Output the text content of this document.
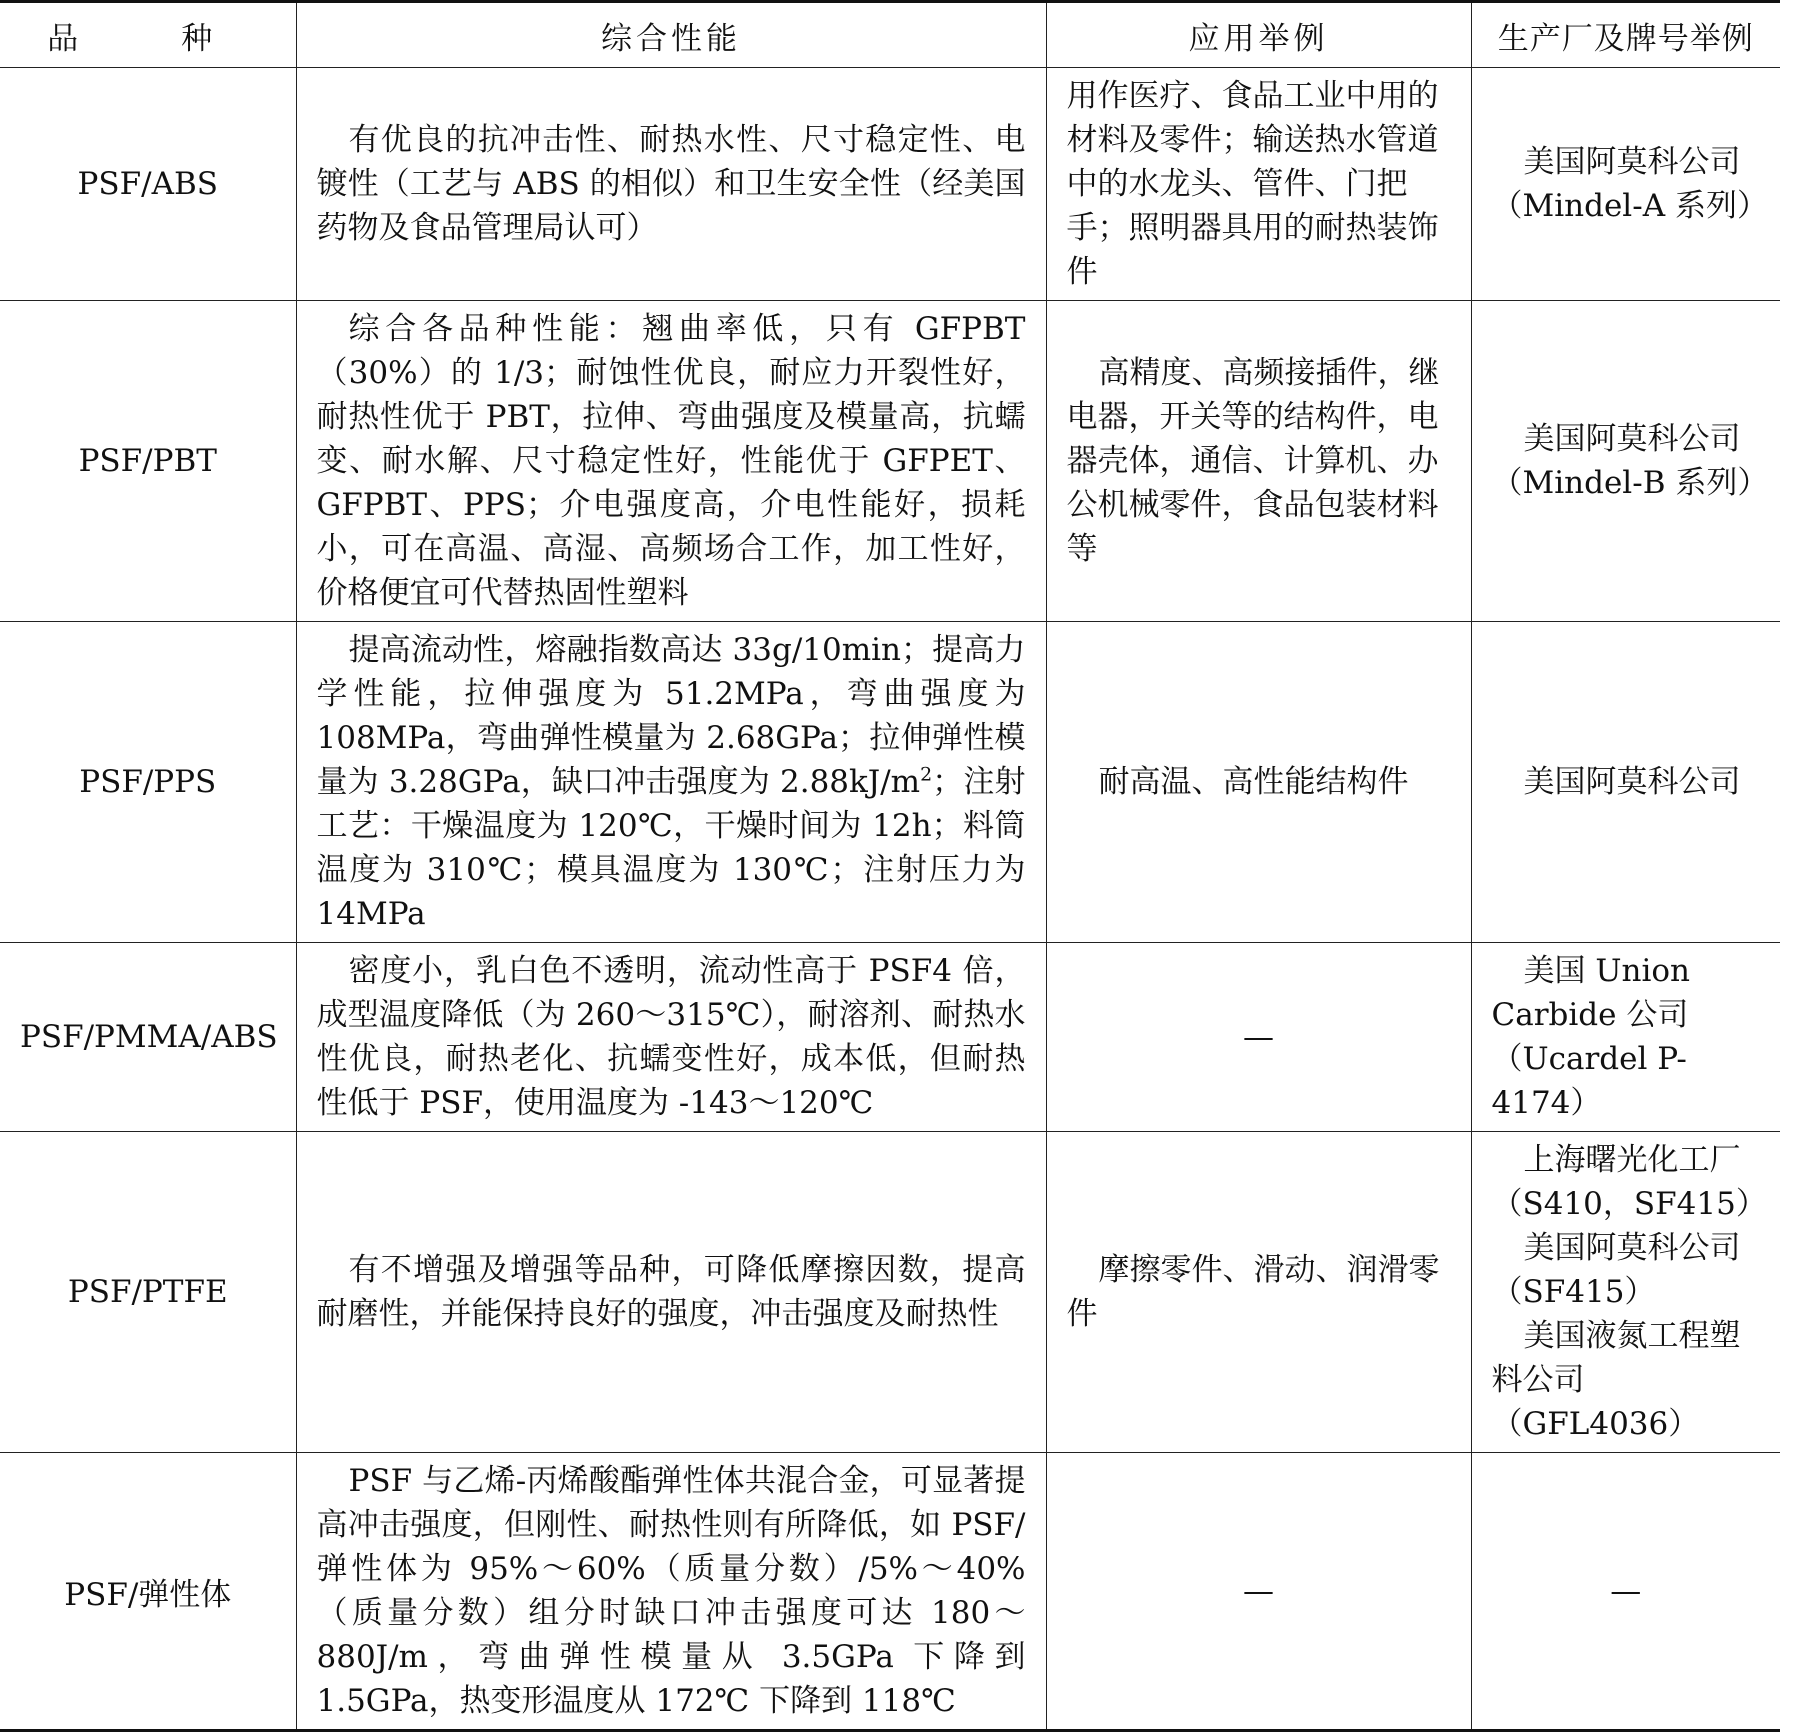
品　种	综合性能	应用举例	生产厂及牌号举例
PSF/ABS	有优良的抗冲击性、耐热水性、尺寸稳定性、电镀性（工艺与 ABS 的相似）和卫生安全性（经美国药物及食品管理局认可）	用作医疗、食品工业中用的材料及零件；输送热水管道中的水龙头、管件、门把手；照明器具用的耐热装饰件	美国阿莫科公司
（Mindel-A 系列）

PSF/PBT	综合各品种性能：翘曲率低，只有 GFPBT（30%）的 1/3；耐蚀性优良，耐应力开裂性好，耐热性优于 PBT，拉伸、弯曲强度及模量高，抗蠕变、耐水解、尺寸稳定性好，性能优于 GFPET、GFPBT、PPS；介电强度高，介电性能好，损耗小，可在高温、高湿、高频场合工作，加工性好，价格便宜可代替热固性塑料	高精度、高频接插件，继电器，开关等的结构件，电器壳体，通信、计算机、办公机械零件，食品包装材料等	美国阿莫科公司
（Mindel-B 系列）

PSF/PPS	提高流动性，熔融指数高达 33g/10min；提高力学性能，拉伸强度为 51.2MPa，弯曲强度为 108MPa，弯曲弹性模量为 2.68GPa；拉伸弹性模量为 3.28GPa，缺口冲击强度为 $2.88kJ/m^2$；注射工艺：干燥温度为 120℃，干燥时间为 12h；料筒温度为 310℃；模具温度为 130℃；注射压力为 14MPa	耐高温、高性能结构件	美国阿莫科公司

PSF/PMMA/ABS	密度小，乳白色不透明，流动性高于 PSF4 倍，成型温度降低（为 260～315℃），耐溶剂、耐热水性优良，耐热老化、抗蠕变性好，成本低，但耐热性低于 PSF，使用温度为 -143～120℃	—	美国 Union Carbide 公司（Ucardel P-4174）

PSF/PTFE	有不增强及增强等品种，可降低摩擦因数，提高耐磨性，并能保持良好的强度，冲击强度及耐热性	摩擦零件、滑动、润滑零件	上海曙光化工厂
（S410，SF415）
美国阿莫科公司
（SF415）
美国液氮工程塑料公司（GFL4036）

PSF/弹性体	PSF 与乙烯-丙烯酸酯弹性体共混合金，可显著提高冲击强度，但刚性、耐热性则有所降低，如 PSF/弹性体为 95%～60%（质量分数）/5%～40%（质量分数）组分时缺口冲击强度可达 180～880J/m，弯曲弹性模量从 3.5GPa 下降到 1.5GPa，热变形温度从 172℃ 下降到 118℃	—	—
